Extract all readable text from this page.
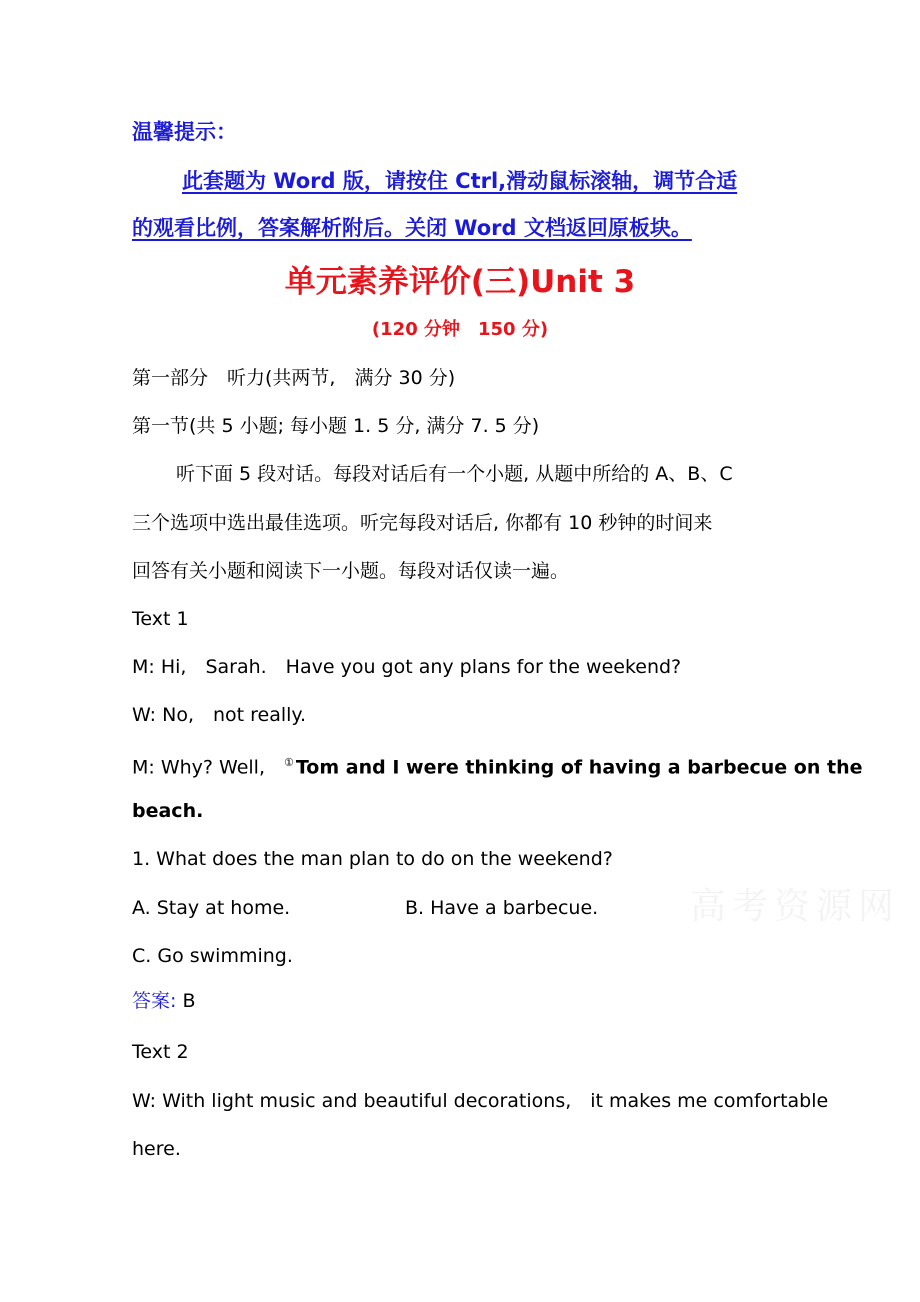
温馨提示：
此套题为 Word 版，请按住 Ctrl,滑动鼠标滚轴，调节合适
的观看比例，答案解析附后。关闭 Word 文档返回原板块。
单元素养评价(三)Unit 3
(120 分钟　150 分)
第一部分　听力(共两节,　满分 30 分)
第一节(共 5 小题; 每小题 1. 5 分, 满分 7. 5 分)
听下面 5 段对话。每段对话后有一个小题, 从题中所给的 A、B、C
三个选项中选出最佳选项。听完每段对话后, 你都有 10 秒钟的时间来
回答有关小题和阅读下一小题。每段对话仅读一遍。
Text 1
M: Hi,　Sarah.　Have you got any plans for the weekend?
W: No,　not really.
M: Why? Well,　① Tom and I were thinking of having a barbecue on the
beach.
1. What does the man plan to do on the weekend?
A. Stay at home.	B. Have a barbecue.
C. Go swimming.
答案: B
Text 2
W: With light music and beautiful decorations,　it makes me comfortable
here.
高考资源网
